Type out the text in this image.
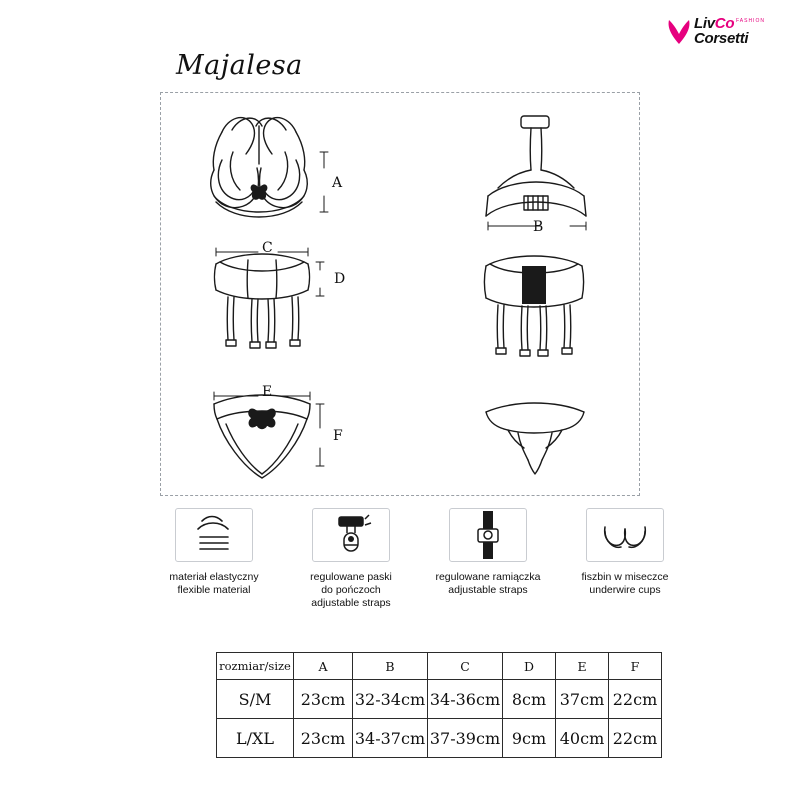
LivCo
Corsetti
FASHION
Majalesa
A
B
C
D
E
F
materiał elastyczny
flexible material
regulowane paski
do pończoch
adjustable straps
regulowane ramiączka
adjustable straps
fiszbin w miseczce
underwire cups
rozmiar/size	A	B	C	D	E	F
S/M	23cm	32-34cm	34-36cm	8cm	37cm	22cm
L/XL	23cm	34-37cm	37-39cm	9cm	40cm	22cm
